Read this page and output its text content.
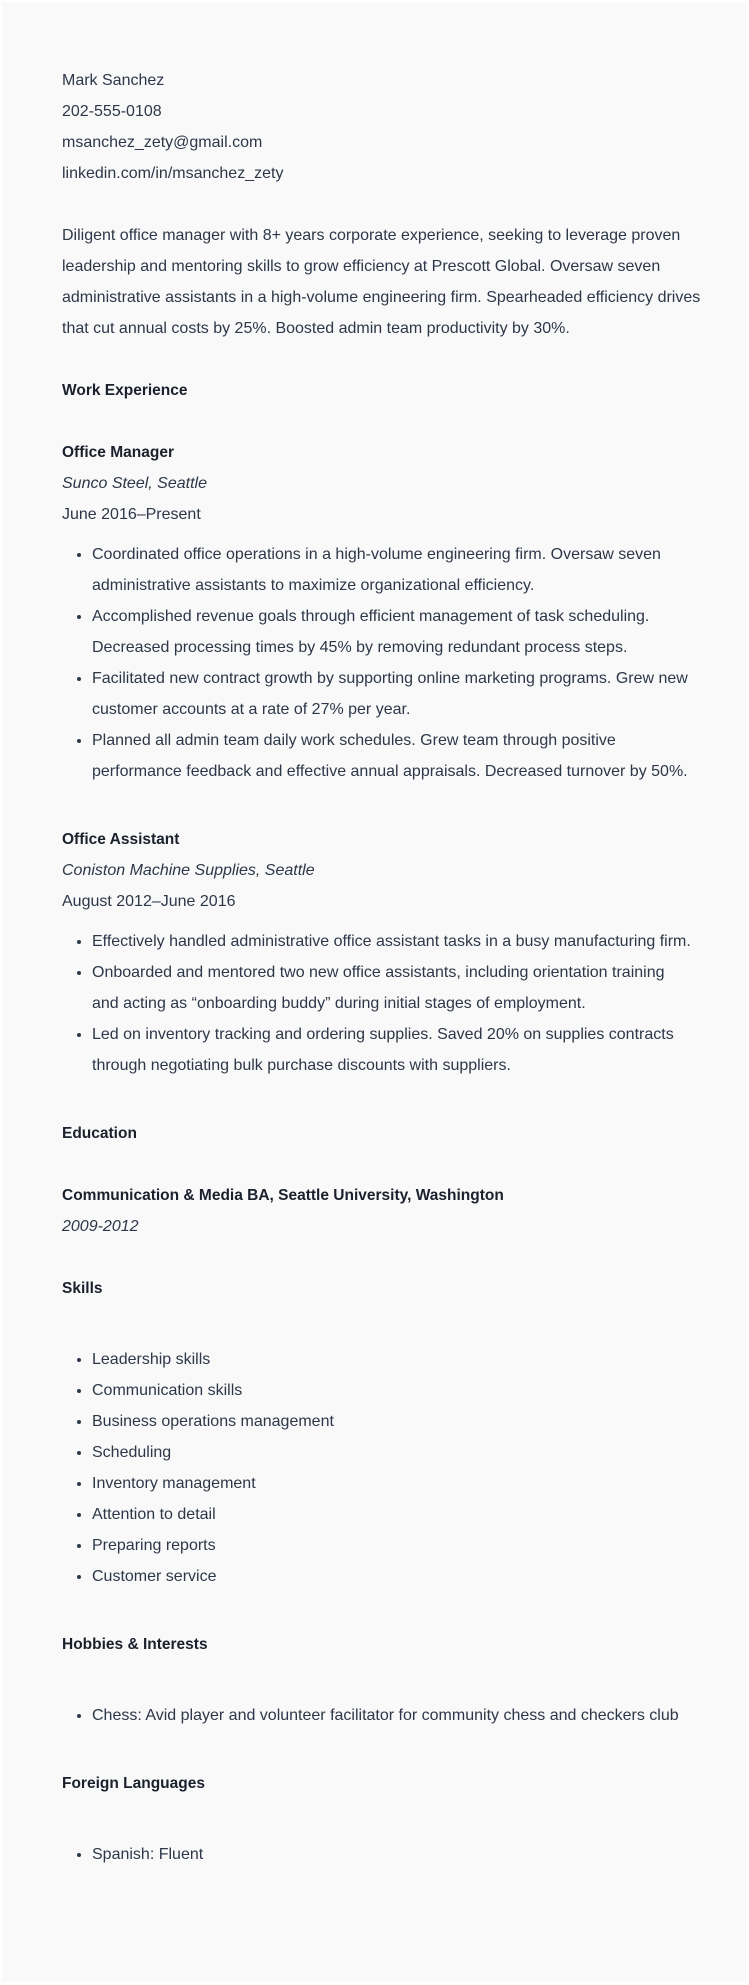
Mark Sanchez
202-555-0108
msanchez_zety@gmail.com
linkedin.com/in/msanchez_zety
Diligent office manager with 8+ years corporate experience, seeking to leverage proven leadership and mentoring skills to grow efficiency at Prescott Global. Oversaw seven administrative assistants in a high-volume engineering firm. Spearheaded efficiency drives that cut annual costs by 25%. Boosted admin team productivity by 30%.
Work Experience
Office Manager
Sunco Steel, Seattle
June 2016–Present
• Coordinated office operations in a high-volume engineering firm. Oversaw seven administrative assistants to maximize organizational efficiency.
• Accomplished revenue goals through efficient management of task scheduling. Decreased processing times by 45% by removing redundant process steps.
• Facilitated new contract growth by supporting online marketing programs. Grew new customer accounts at a rate of 27% per year.
• Planned all admin team daily work schedules. Grew team through positive performance feedback and effective annual appraisals. Decreased turnover by 50%.
Office Assistant
Coniston Machine Supplies, Seattle
August 2012–June 2016
• Effectively handled administrative office assistant tasks in a busy manufacturing firm.
• Onboarded and mentored two new office assistants, including orientation training and acting as “onboarding buddy” during initial stages of employment.
• Led on inventory tracking and ordering supplies. Saved 20% on supplies contracts through negotiating bulk purchase discounts with suppliers.
Education
Communication & Media BA, Seattle University, Washington
2009-2012
Skills
• Leadership skills
• Communication skills
• Business operations management
• Scheduling
• Inventory management
• Attention to detail
• Preparing reports
• Customer service
Hobbies & Interests
• Chess: Avid player and volunteer facilitator for community chess and checkers club
Foreign Languages
• Spanish: Fluent
